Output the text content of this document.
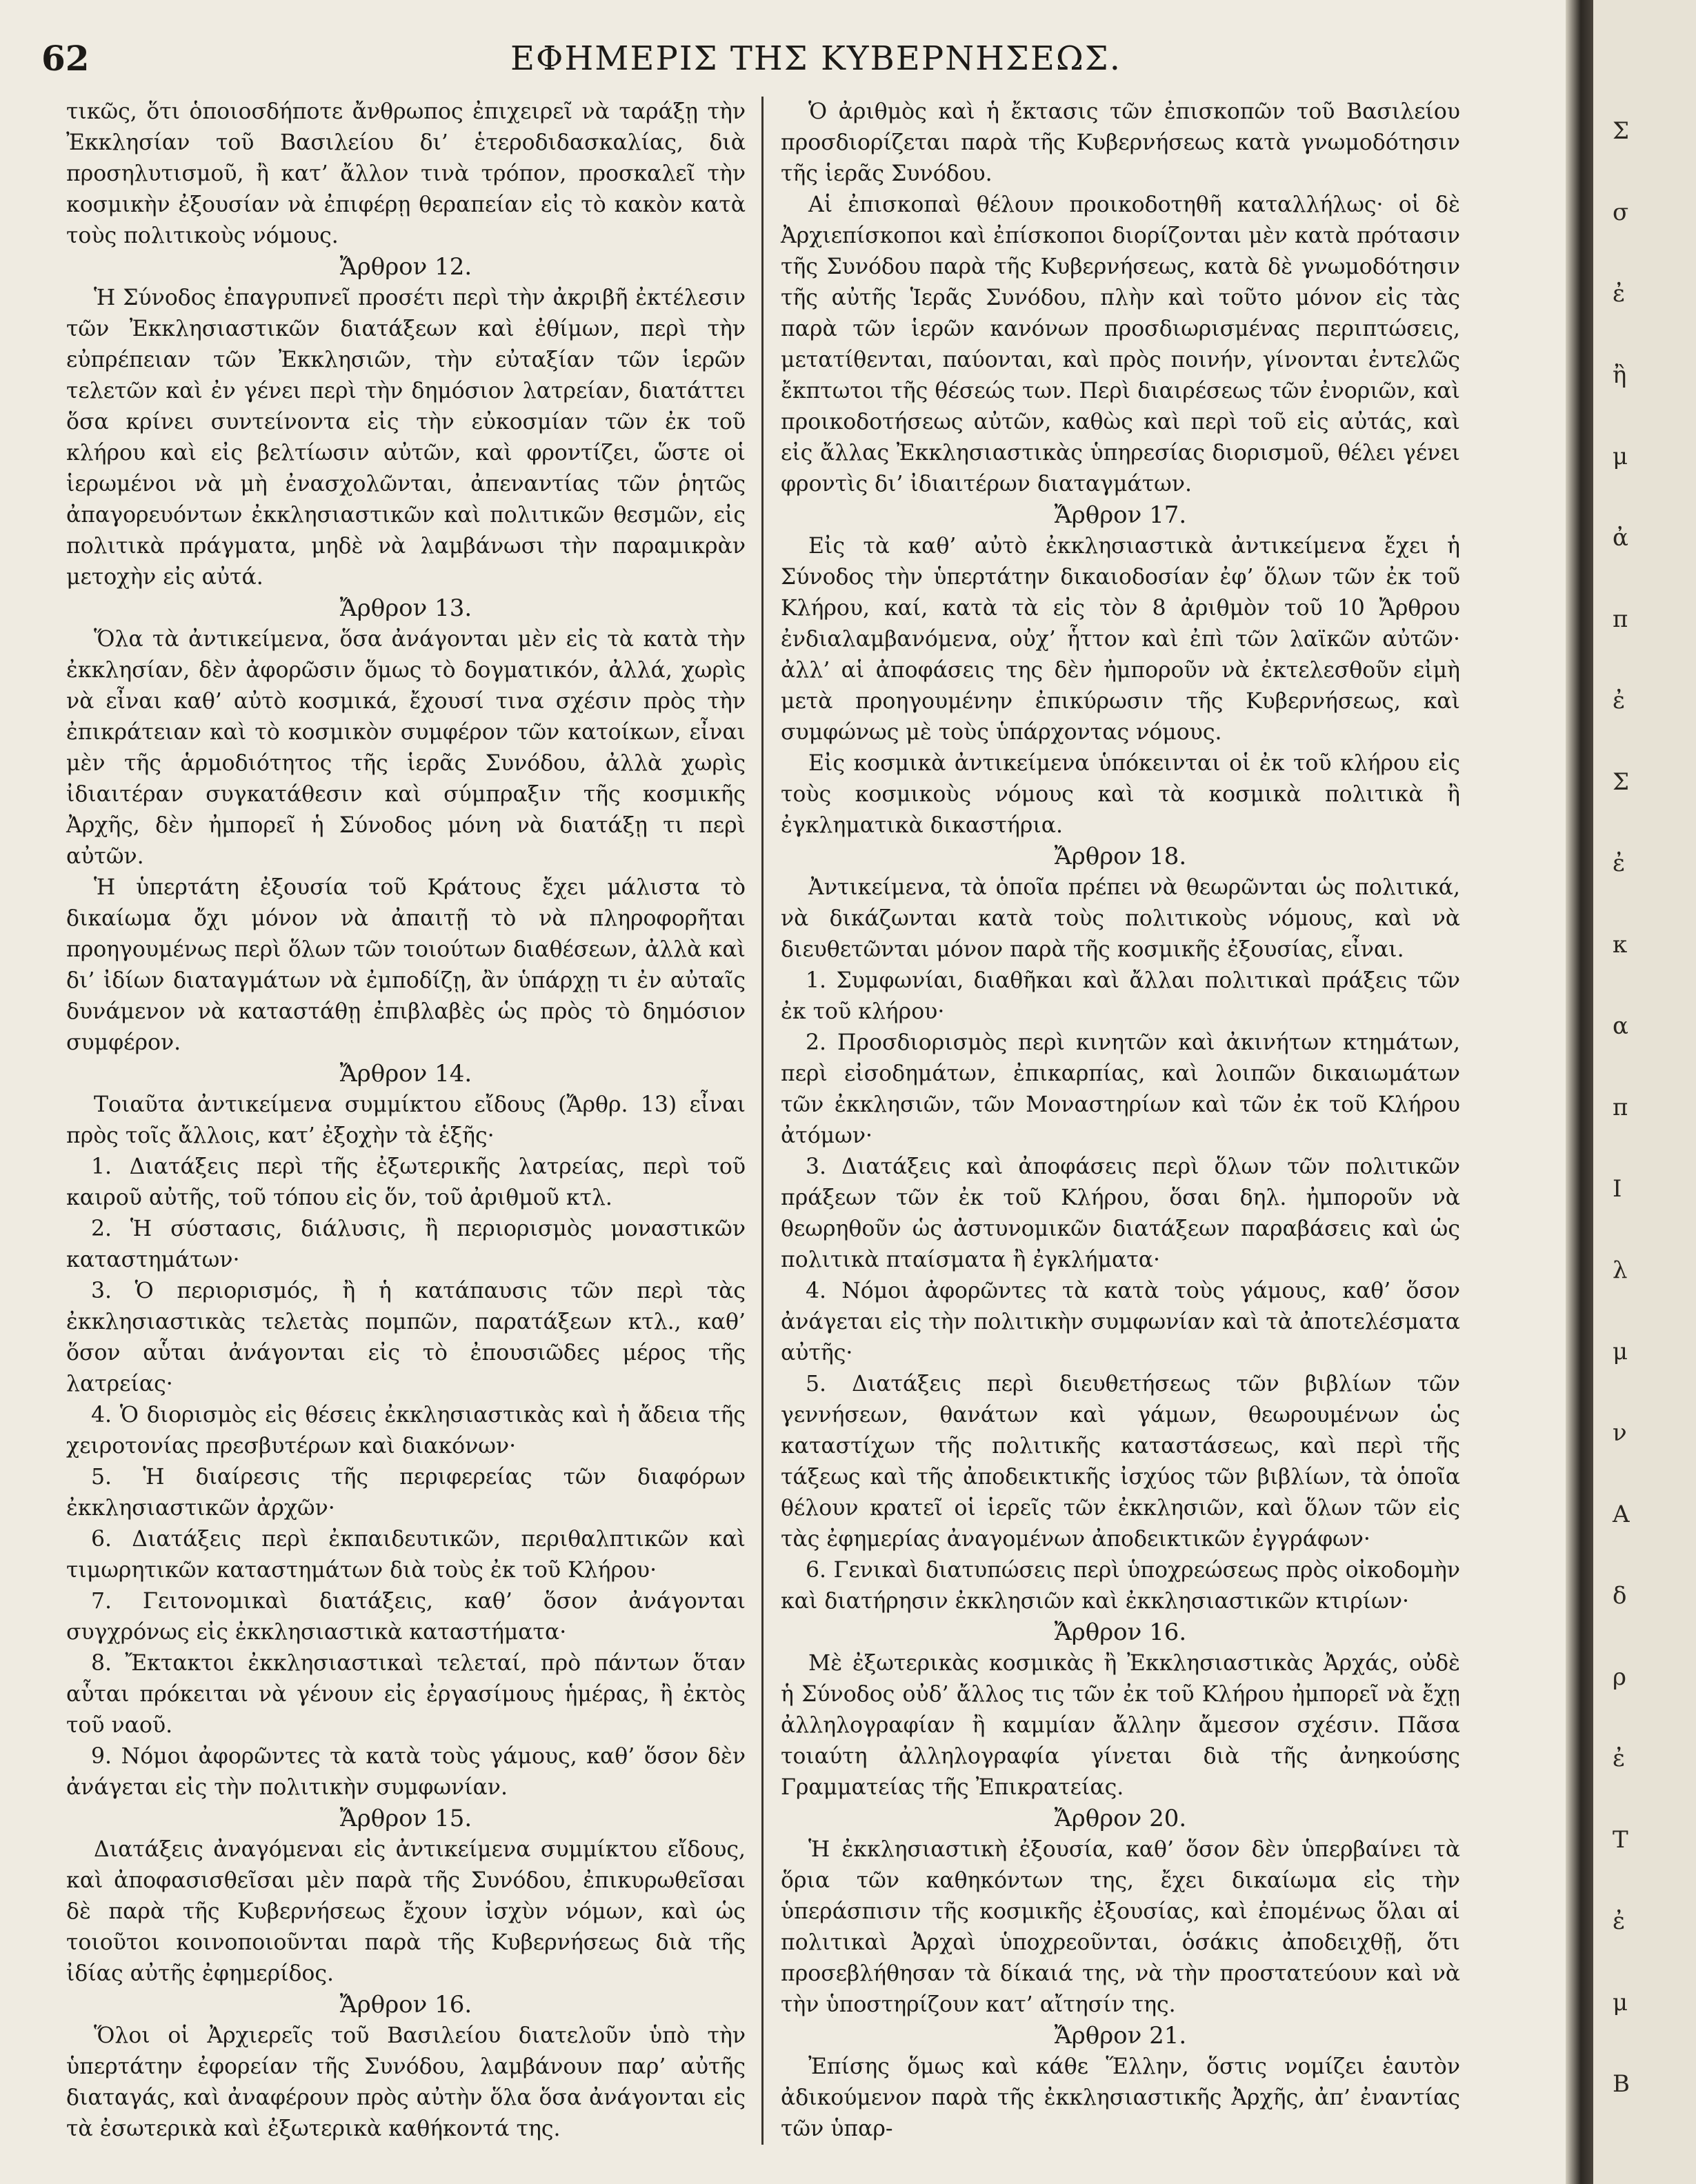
62	ΕΦΗΜΕΡΙΣ ΤΗΣ ΚΥΒΕΡΝΗΣΕΩΣ.

τικῶς, ὅτι ὁποιοσδήποτε ἄνθρωπος ἐπιχειρεῖ νὰ ταράξῃ τὴν Ἐκκλησίαν τοῦ Βασιλείου δι’ ἑτεροδιδασκαλίας, διὰ προσηλυτισμοῦ, ἢ κατ’ ἄλλον τινὰ τρόπον, προσκαλεῖ τὴν κοσμικὴν ἐξουσίαν νὰ ἐπιφέρῃ θεραπείαν εἰς τὸ κακὸν κατὰ τοὺς πολιτικοὺς νόμους.

Ἄρθρον 12.

Ἡ Σύνοδος ἐπαγρυπνεῖ προσέτι περὶ τὴν ἀκριβῆ ἐκτέλεσιν τῶν Ἐκκλησιαστικῶν διατάξεων καὶ ἐθίμων, περὶ τὴν εὐπρέπειαν τῶν Ἐκκλησιῶν, τὴν εὐταξίαν τῶν ἱερῶν τελετῶν καὶ ἐν γένει περὶ τὴν δημόσιον λατρείαν, διατάττει ὅσα κρίνει συντείνοντα εἰς τὴν εὐκοσμίαν τῶν ἐκ τοῦ κλήρου καὶ εἰς βελτίωσιν αὐτῶν, καὶ φροντίζει, ὥστε οἱ ἱερωμένοι νὰ μὴ ἐνασχολῶνται, ἀπεναντίας τῶν ῥητῶς ἀπαγορευόντων ἐκκλησιαστικῶν καὶ πολιτικῶν θεσμῶν, εἰς πολιτικὰ πράγματα, μηδὲ νὰ λαμβάνωσι τὴν παραμικρὰν μετοχὴν εἰς αὐτά.

Ἄρθρον 13.

Ὅλα τὰ ἀντικείμενα, ὅσα ἀνάγονται μὲν εἰς τὰ κατὰ τὴν ἐκκλησίαν, δὲν ἀφορῶσιν ὅμως τὸ δογματικόν, ἀλλά, χωρὶς νὰ εἶναι καθ’ αὐτὸ κοσμικά, ἔχουσί τινα σχέσιν πρὸς τὴν ἐπικράτειαν καὶ τὸ κοσμικὸν συμφέρον τῶν κατοίκων, εἶναι μὲν τῆς ἁρμοδιότητος τῆς ἱερᾶς Συνόδου, ἀλλὰ χωρὶς ἰδιαιτέραν συγκατάθεσιν καὶ σύμπραξιν τῆς κοσμικῆς Ἀρχῆς, δὲν ἠμπορεῖ ἡ Σύνοδος μόνη νὰ διατάξῃ τι περὶ αὐτῶν.

Ἡ ὑπερτάτη ἐξουσία τοῦ Κράτους ἔχει μάλιστα τὸ δικαίωμα ὄχι μόνον νὰ ἀπαιτῇ τὸ νὰ πληροφορῆται προηγουμένως περὶ ὅλων τῶν τοιούτων διαθέσεων, ἀλλὰ καὶ δι’ ἰδίων διαταγμάτων νὰ ἐμποδίζῃ, ἂν ὑπάρχῃ τι ἐν αὐταῖς δυνάμενον νὰ καταστάθῃ ἐπιβλαβὲς ὡς πρὸς τὸ δημόσιον συμφέρον.

Ἄρθρον 14.

Τοιαῦτα ἀντικείμενα συμμίκτου εἴδους (Ἄρθρ. 13) εἶναι πρὸς τοῖς ἄλλοις, κατ’ ἐξοχὴν τὰ ἑξῆς·

1. Διατάξεις περὶ τῆς ἐξωτερικῆς λατρείας, περὶ τοῦ καιροῦ αὐτῆς, τοῦ τόπου εἰς ὅν, τοῦ ἀριθμοῦ κτλ.

2. Ἡ σύστασις, διάλυσις, ἢ περιορισμὸς μοναστικῶν καταστημάτων·

3. Ὁ περιορισμός, ἢ ἡ κατάπαυσις τῶν περὶ τὰς ἐκκλησιαστικὰς τελετὰς πομπῶν, παρατάξεων κτλ., καθ’ ὅσον αὗται ἀνάγονται εἰς τὸ ἐπουσιῶδες μέρος τῆς λατρείας·

4. Ὁ διορισμὸς εἰς θέσεις ἐκκλησιαστικὰς καὶ ἡ ἄδεια τῆς χειροτονίας πρεσβυτέρων καὶ διακόνων·

5. Ἡ διαίρεσις τῆς περιφερείας τῶν διαφόρων ἐκκλησιαστικῶν ἀρχῶν·

6. Διατάξεις περὶ ἐκπαιδευτικῶν, περιθαλπτικῶν καὶ τιμωρητικῶν καταστημάτων διὰ τοὺς ἐκ τοῦ Κλήρου·

7. Γειτονομικαὶ διατάξεις, καθ’ ὅσον ἀνάγονται συγχρόνως εἰς ἐκκλησιαστικὰ καταστήματα·

8. Ἔκτακτοι ἐκκλησιαστικαὶ τελεταί, πρὸ πάντων ὅταν αὗται πρόκειται νὰ γένουν εἰς ἐργασίμους ἡμέρας, ἢ ἐκτὸς τοῦ ναοῦ.

9. Νόμοι ἀφορῶντες τὰ κατὰ τοὺς γάμους, καθ’ ὅσον δὲν ἀνάγεται εἰς τὴν πολιτικὴν συμφωνίαν.

Ἄρθρον 15.

Διατάξεις ἀναγόμεναι εἰς ἀντικείμενα συμμίκτου εἴδους, καὶ ἀποφασισθεῖσαι μὲν παρὰ τῆς Συνόδου, ἐπικυρωθεῖσαι δὲ παρὰ τῆς Κυβερνήσεως ἔχουν ἰσχὺν νόμων, καὶ ὡς τοιοῦτοι κοινοποιοῦνται παρὰ τῆς Κυβερνήσεως διὰ τῆς ἰδίας αὐτῆς ἐφημερίδος.

Ἄρθρον 16.

Ὅλοι οἱ Ἀρχιερεῖς τοῦ Βασιλείου διατελοῦν ὑπὸ τὴν ὑπερτάτην ἐφορείαν τῆς Συνόδου, λαμβάνουν παρ’ αὐτῆς διαταγάς, καὶ ἀναφέρουν πρὸς αὐτὴν ὅλα ὅσα ἀνάγονται εἰς τὰ ἐσωτερικὰ καὶ ἐξωτερικὰ καθήκοντά της.

Ὁ ἀριθμὸς καὶ ἡ ἔκτασις τῶν ἐπισκοπῶν τοῦ Βασιλείου προσδιορίζεται παρὰ τῆς Κυβερνήσεως κατὰ γνωμοδότησιν τῆς ἱερᾶς Συνόδου.

Αἱ ἐπισκοπαὶ θέλουν προικοδοτηθῆ καταλλήλως· οἱ δὲ Ἀρχιεπίσκοποι καὶ ἐπίσκοποι διορίζονται μὲν κατὰ πρότασιν τῆς Συνόδου παρὰ τῆς Κυβερνήσεως, κατὰ δὲ γνωμοδότησιν τῆς αὐτῆς Ἱερᾶς Συνόδου, πλὴν καὶ τοῦτο μόνον εἰς τὰς παρὰ τῶν ἱερῶν κανόνων προσδιωρισμένας περιπτώσεις, μετατίθενται, παύονται, καὶ πρὸς ποινήν, γίνονται ἐντελῶς ἔκπτωτοι τῆς θέσεώς των. Περὶ διαιρέσεως τῶν ἐνοριῶν, καὶ προικοδοτήσεως αὐτῶν, καθὼς καὶ περὶ τοῦ εἰς αὐτάς, καὶ εἰς ἄλλας Ἐκκλησιαστικὰς ὑπηρεσίας διορισμοῦ, θέλει γένει φροντὶς δι’ ἰδιαιτέρων διαταγμάτων.

Ἄρθρον 17.

Εἰς τὰ καθ’ αὐτὸ ἐκκλησιαστικὰ ἀντικείμενα ἔχει ἡ Σύνοδος τὴν ὑπερτάτην δικαιοδοσίαν ἐφ’ ὅλων τῶν ἐκ τοῦ Κλήρου, καί, κατὰ τὰ εἰς τὸν 8 ἀριθμὸν τοῦ 10 Ἄρθρου ἐνδιαλαμβανόμενα, οὐχ’ ἧττον καὶ ἐπὶ τῶν λαϊκῶν αὐτῶν· ἀλλ’ αἱ ἀποφάσεις της δὲν ἠμποροῦν νὰ ἐκτελεσθοῦν εἰμὴ μετὰ προηγουμένην ἐπικύρωσιν τῆς Κυβερνήσεως, καὶ συμφώνως μὲ τοὺς ὑπάρχοντας νόμους.

Εἰς κοσμικὰ ἀντικείμενα ὑπόκεινται οἱ ἐκ τοῦ κλήρου εἰς τοὺς κοσμικοὺς νόμους καὶ τὰ κοσμικὰ πολιτικὰ ἢ ἐγκληματικὰ δικαστήρια.

Ἄρθρον 18.

Ἀντικείμενα, τὰ ὁποῖα πρέπει νὰ θεωρῶνται ὡς πολιτικά, νὰ δικάζωνται κατὰ τοὺς πολιτικοὺς νόμους, καὶ νὰ διευθετῶνται μόνον παρὰ τῆς κοσμικῆς ἐξουσίας, εἶναι.

1. Συμφωνίαι, διαθῆκαι καὶ ἄλλαι πολιτικαὶ πράξεις τῶν ἐκ τοῦ κλήρου·

2. Προσδιορισμὸς περὶ κινητῶν καὶ ἀκινήτων κτημάτων, περὶ εἰσοδημάτων, ἐπικαρπίας, καὶ λοιπῶν δικαιωμάτων τῶν ἐκκλησιῶν, τῶν Μοναστηρίων καὶ τῶν ἐκ τοῦ Κλήρου ἀτόμων·

3. Διατάξεις καὶ ἀποφάσεις περὶ ὅλων τῶν πολιτικῶν πράξεων τῶν ἐκ τοῦ Κλήρου, ὅσαι δηλ. ἠμποροῦν νὰ θεωρηθοῦν ὡς ἀστυνομικῶν διατάξεων παραβάσεις καὶ ὡς πολιτικὰ πταίσματα ἢ ἐγκλήματα·

4. Νόμοι ἀφορῶντες τὰ κατὰ τοὺς γάμους, καθ’ ὅσον ἀνάγεται εἰς τὴν πολιτικὴν συμφωνίαν καὶ τὰ ἀποτελέσματα αὐτῆς·

5. Διατάξεις περὶ διευθετήσεως τῶν βιβλίων τῶν γεννήσεων, θανάτων καὶ γάμων, θεωρουμένων ὡς καταστίχων τῆς πολιτικῆς καταστάσεως, καὶ περὶ τῆς τάξεως καὶ τῆς ἀποδεικτικῆς ἰσχύος τῶν βιβλίων, τὰ ὁποῖα θέλουν κρατεῖ οἱ ἱερεῖς τῶν ἐκκλησιῶν, καὶ ὅλων τῶν εἰς τὰς ἐφημερίας ἀναγομένων ἀποδεικτικῶν ἐγγράφων·

6. Γενικαὶ διατυπώσεις περὶ ὑποχρεώσεως πρὸς οἰκοδομὴν καὶ διατήρησιν ἐκκλησιῶν καὶ ἐκκλησιαστικῶν κτιρίων·

Ἄρθρον 16.

Μὲ ἐξωτερικὰς κοσμικὰς ἢ Ἐκκλησιαστικὰς Ἀρχάς, οὐδὲ ἡ Σύνοδος οὐδ’ ἄλλος τις τῶν ἐκ τοῦ Κλήρου ἠμπορεῖ νὰ ἔχῃ ἀλληλογραφίαν ἢ καμμίαν ἄλλην ἄμεσον σχέσιν. Πᾶσα τοιαύτη ἀλληλογραφία γίνεται διὰ τῆς ἀνηκούσης Γραμματείας τῆς Ἐπικρατείας.

Ἄρθρον 20.

Ἡ ἐκκλησιαστικὴ ἐξουσία, καθ’ ὅσον δὲν ὑπερβαίνει τὰ ὅρια τῶν καθηκόντων της, ἔχει δικαίωμα εἰς τὴν ὑπεράσπισιν τῆς κοσμικῆς ἐξουσίας, καὶ ἐπομένως ὅλαι αἱ πολιτικαὶ Ἀρχαὶ ὑποχρεοῦνται, ὁσάκις ἀποδειχθῇ, ὅτι προσεβλήθησαν τὰ δίκαιά της, νὰ τὴν προστατεύουν καὶ νὰ τὴν ὑποστηρίζουν κατ’ αἴτησίν της.

Ἄρθρον 21.

Ἐπίσης ὅμως καὶ κάθε Ἕλλην, ὅστις νομίζει ἑαυτὸν ἀδικούμενον παρὰ τῆς ἐκκλησιαστικῆς Ἀρχῆς, ἀπ’ ἐναντίας τῶν ὑπαρ-

Σ
σ
ἐ
ἢ
μ
ἀ
π
ἐ
Σ
ἐ
κ
α
π
Ι
λ
μ
ν
Α
δ
ρ
ἐ
Τ
ἐ
μ
Β
